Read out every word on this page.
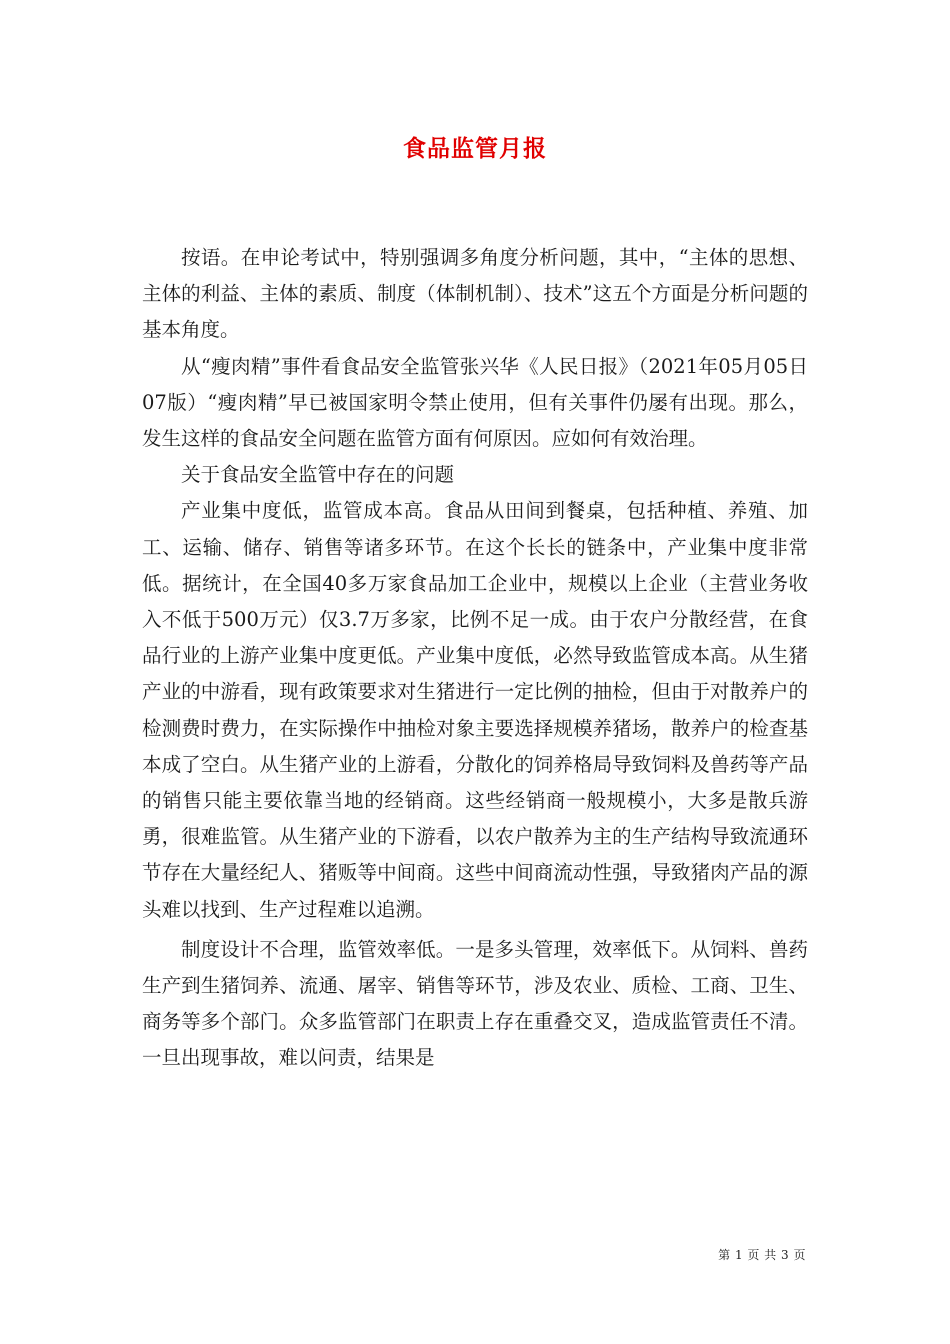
食品监管月报

按语。在申论考试中，特别强调多角度分析问题，其中，“主体的思想、主体的利益、主体的素质、制度（体制机制）、技术”这五个方面是分析问题的基本角度。

从“瘦肉精”事件看食品安全监管张兴华《人民日报》（2021年05月05日07版）“瘦肉精”早已被国家明令禁止使用，但有关事件仍屡有出现。那么，发生这样的食品安全问题在监管方面有何原因。应如何有效治理。

关于食品安全监管中存在的问题

产业集中度低，监管成本高。食品从田间到餐桌，包括种植、养殖、加工、运输、储存、销售等诸多环节。在这个长长的链条中，产业集中度非常低。据统计，在全国40多万家食品加工企业中，规模以上企业（主营业务收入不低于500万元）仅3.7万多家，比例不足一成。由于农户分散经营，在食品行业的上游产业集中度更低。产业集中度低，必然导致监管成本高。从生猪产业的中游看，现有政策要求对生猪进行一定比例的抽检，但由于对散养户的检测费时费力，在实际操作中抽检对象主要选择规模养猪场，散养户的检查基本成了空白。从生猪产业的上游看，分散化的饲养格局导致饲料及兽药等产品的销售只能主要依靠当地的经销商。这些经销商一般规模小，大多是散兵游勇，很难监管。从生猪产业的下游看，以农户散养为主的生产结构导致流通环节存在大量经纪人、猪贩等中间商。这些中间商流动性强，导致猪肉产品的源头难以找到、生产过程难以追溯。

制度设计不合理，监管效率低。一是多头管理，效率低下。从饲料、兽药生产到生猪饲养、流通、屠宰、销售等环节，涉及农业、质检、工商、卫生、商务等多个部门。众多监管部门在职责上存在重叠交叉，造成监管责任不清。一旦出现事故，难以问责，结果是

第 1 页 共 3 页
